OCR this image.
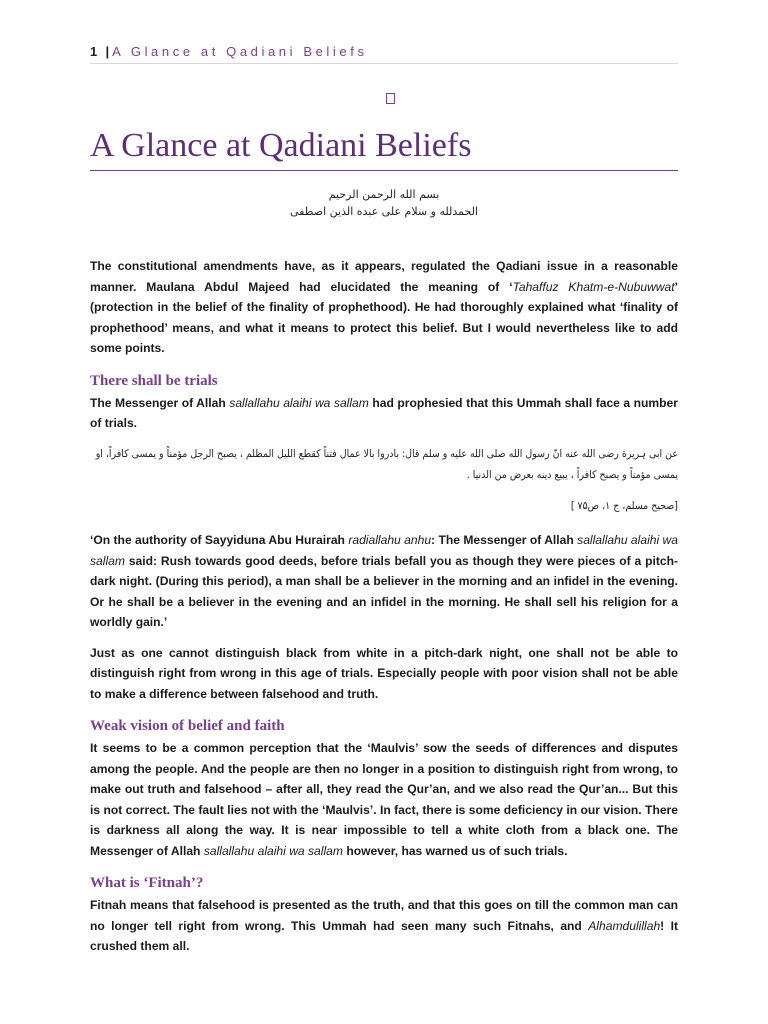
1 | A Glance at Qadiani Beliefs
A Glance at Qadiani Beliefs
بسم الله الرحمن الرحيم
الحمدلله و سلام على عبده الذين اصطفى

The constitutional amendments have, as it appears, regulated the Qadiani issue in a reasonable manner. Maulana Abdul Majeed had elucidated the meaning of ‘Tahaffuz Khatm-e-Nubuwwat’ (protection in the belief of the finality of prophethood). He had thoroughly explained what ‘finality of prophethood’ means, and what it means to protect this belief. But I would nevertheless like to add some points.

There shall be trials

The Messenger of Allah sallallahu alaihi wa sallam had prophesied that this Ummah shall face a number of trials.

عن ابی ہریرة رضی الله عنه انّ رسول الله صلی الله علیه و سلم قال: بادروا بالا عمال فتناً کقطع اللیل المظلم ، یصبح الرجل مؤمناً و یمسی کافراً، او یمسی مؤمناً و یصبح کافراً ، یبیع دینه بعرض من الدنیا .

[صحیح مسلم، ج ۱، ص۷۵ ]

‘On the authority of Sayyiduna Abu Hurairah radiallahu anhu: The Messenger of Allah sallallahu alaihi wa sallam said: Rush towards good deeds, before trials befall you as though they were pieces of a pitch-dark night. (During this period), a man shall be a believer in the morning and an infidel in the evening. Or he shall be a believer in the evening and an infidel in the morning. He shall sell his religion for a worldly gain.’

Just as one cannot distinguish black from white in a pitch-dark night, one shall not be able to distinguish right from wrong in this age of trials. Especially people with poor vision shall not be able to make a difference between falsehood and truth.

Weak vision of belief and faith

It seems to be a common perception that the ‘Maulvis’ sow the seeds of differences and disputes among the people. And the people are then no longer in a position to distinguish right from wrong, to make out truth and falsehood – after all, they read the Qur’an, and we also read the Qur’an... But this is not correct. The fault lies not with the ‘Maulvis’. In fact, there is some deficiency in our vision. There is darkness all along the way. It is near impossible to tell a white cloth from a black one. The Messenger of Allah sallallahu alaihi wa sallam however, has warned us of such trials.

What is ‘Fitnah’?

Fitnah means that falsehood is presented as the truth, and that this goes on till the common man can no longer tell right from wrong. This Ummah had seen many such Fitnahs, and Alhamdulillah! It crushed them all.
